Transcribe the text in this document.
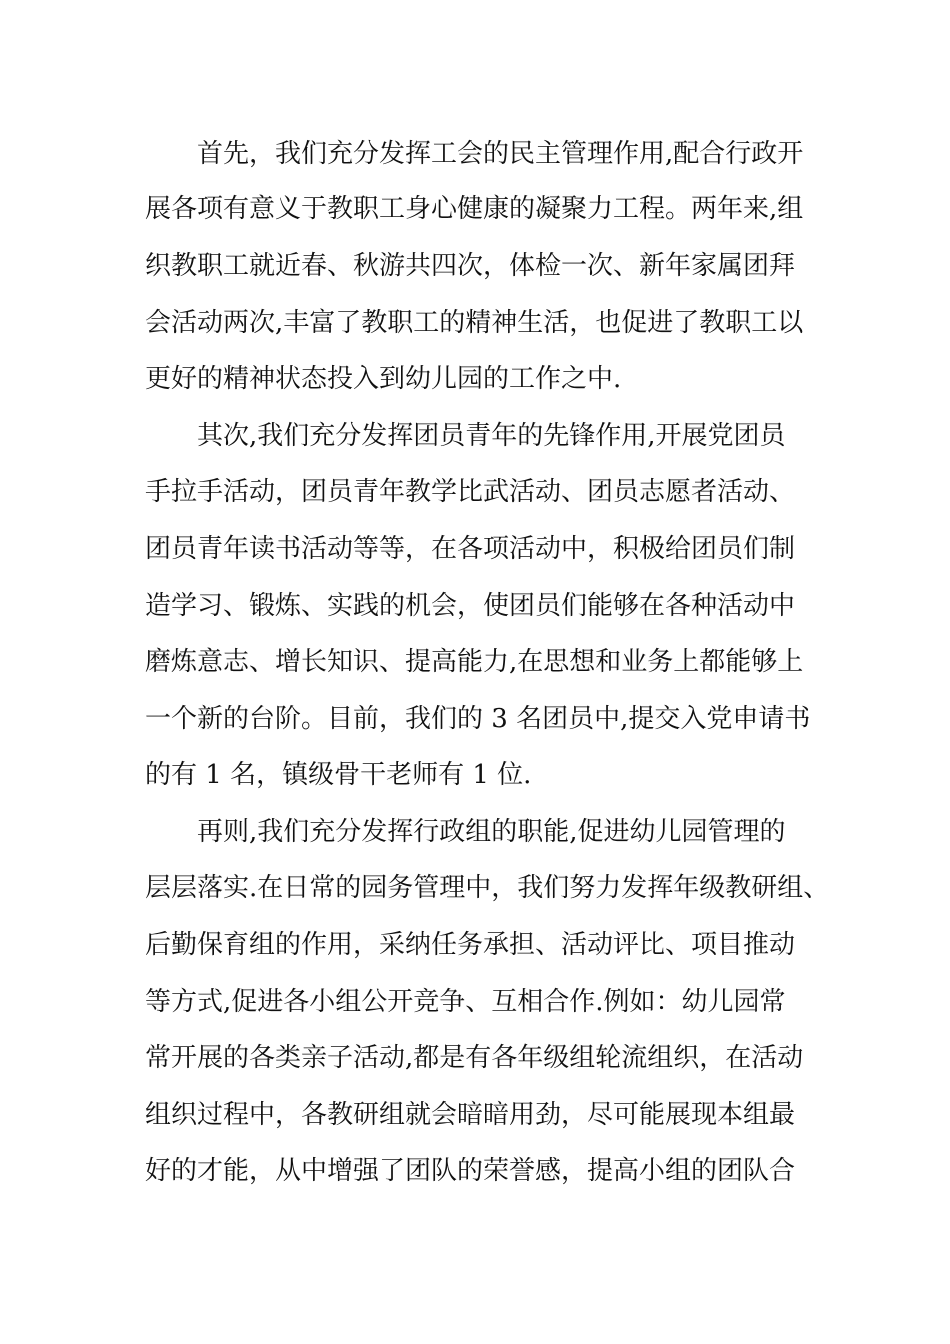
首先，我们充分发挥工会的民主管理作用,配合行政开

展各项有意义于教职工身心健康的凝聚力工程。两年来,组

织教职工就近春、秋游共四次，体检一次、新年家属团拜

会活动两次,丰富了教职工的精神生活，也促进了教职工以

更好的精神状态投入到幼儿园的工作之中.

其次,我们充分发挥团员青年的先锋作用,开展党团员

手拉手活动，团员青年教学比武活动、团员志愿者活动、

团员青年读书活动等等，在各项活动中，积极给团员们制

造学习、锻炼、实践的机会，使团员们能够在各种活动中

磨炼意志、增长知识、提高能力,在思想和业务上都能够上

一个新的台阶。目前，我们的 3 名团员中,提交入党申请书

的有 1 名，镇级骨干老师有 1 位.

再则,我们充分发挥行政组的职能,促进幼儿园管理的

层层落实.在日常的园务管理中，我们努力发挥年级教研组、

后勤保育组的作用，采纳任务承担、活动评比、项目推动

等方式,促进各小组公开竞争、互相合作.例如：幼儿园常

常开展的各类亲子活动,都是有各年级组轮流组织，在活动

组织过程中，各教研组就会暗暗用劲，尽可能展现本组最

好的才能，从中增强了团队的荣誉感，提高小组的团队合
